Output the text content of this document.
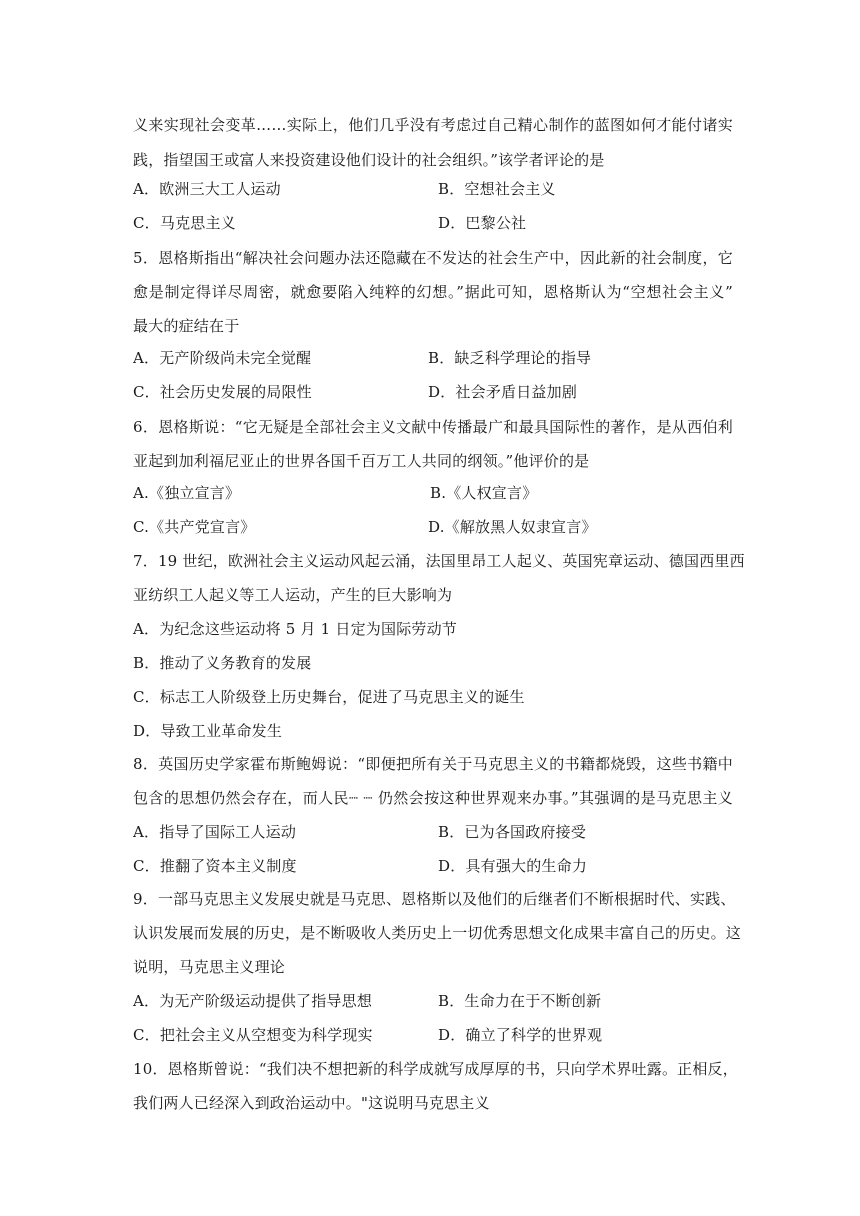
义来实现社会变革……实际上，他们几乎没有考虑过自己精心制作的蓝图如何才能付诸实
践，指望国王或富人来投资建设他们设计的社会组织。”该学者评论的是
A．欧洲三大工人运动	B．空想社会主义
C．马克思主义	D．巴黎公社
5．恩格斯指出“解决社会问题办法还隐藏在不发达的社会生产中，因此新的社会制度，它
愈是制定得详尽周密，就愈要陷入纯粹的幻想。”据此可知，恩格斯认为“空想社会主义”
最大的症结在于
A．无产阶级尚未完全觉醒	B．缺乏科学理论的指导
C．社会历史发展的局限性	D．社会矛盾日益加剧
6．恩格斯说：“它无疑是全部社会主义文献中传播最广和最具国际性的著作，是从西伯利
亚起到加利福尼亚止的世界各国千百万工人共同的纲领。”他评价的是
A.《独立宣言》	B.《人权宣言》
C.《共产党宣言》	D.《解放黑人奴隶宣言》
7．19 世纪，欧洲社会主义运动风起云涌，法国里昂工人起义、英国宪章运动、德国西里西
亚纺织工人起义等工人运动，产生的巨大影响为
A．为纪念这些运动将 5 月 1 日定为国际劳动节
B．推动了义务教育的发展
C．标志工人阶级登上历史舞台，促进了马克思主义的诞生
D．导致工业革命发生
8．英国历史学家霍布斯鲍姆说：“即便把所有关于马克思主义的书籍都烧毁，这些书籍中
包含的思想仍然会存在，而人民┈ ┈ 仍然会按这种世界观来办事。”其强调的是马克思主义
A．指导了国际工人运动	B．已为各国政府接受
C．推翻了资本主义制度	D．具有强大的生命力
9．一部马克思主义发展史就是马克思、恩格斯以及他们的后继者们不断根据时代、实践、
认识发展而发展的历史，是不断吸收人类历史上一切优秀思想文化成果丰富自己的历史。这
说明，马克思主义理论
A．为无产阶级运动提供了指导思想	B．生命力在于不断创新
C．把社会主义从空想变为科学现实	D．确立了科学的世界观
10．恩格斯曾说：“我们决不想把新的科学成就写成厚厚的书，只向学术界吐露。正相反，
我们两人已经深入到政治运动中。"这说明马克思主义
